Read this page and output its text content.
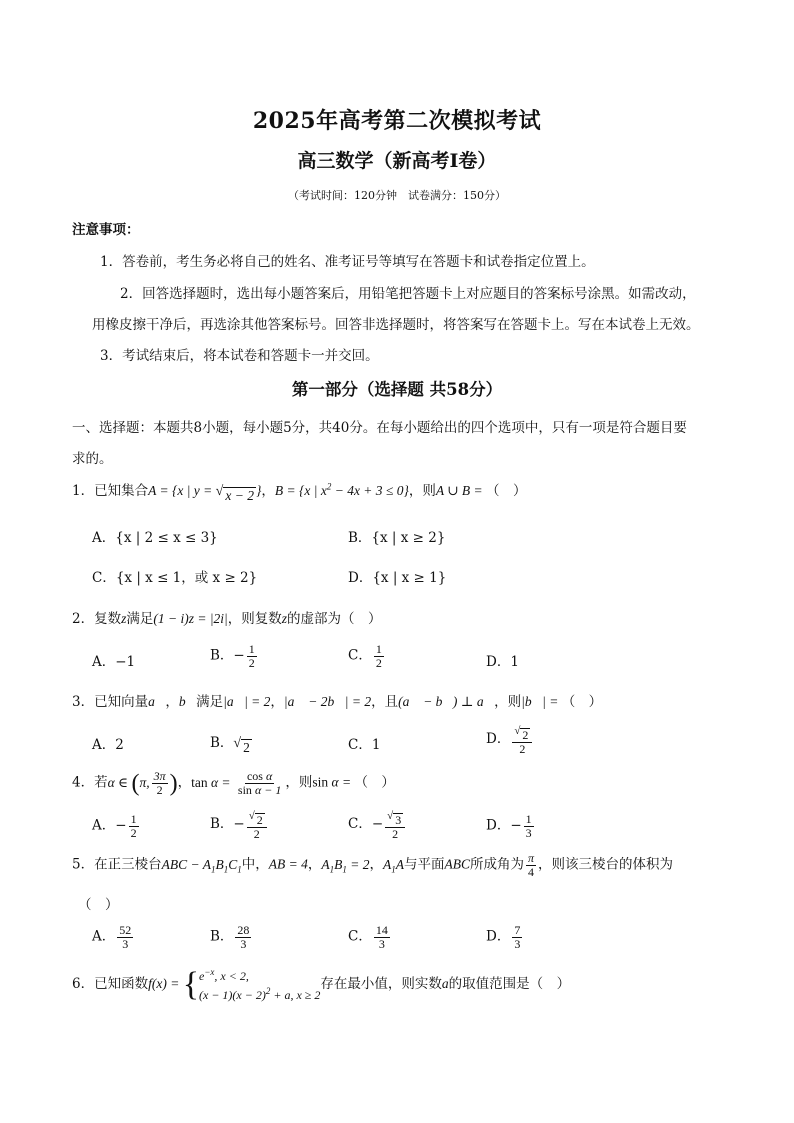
2025年高考第二次模拟考试
高三数学（新高考Ⅰ卷）
（考试时间：120分钟　试卷满分：150分）
注意事项：
1．答卷前，考生务必将自己的姓名、准考证号等填写在答题卡和试卷指定位置上。
2．回答选择题时，选出每小题答案后，用铅笔把答题卡上对应题目的答案标号涂黑。如需改动，
用橡皮擦干净后，再选涂其他答案标号。回答非选择题时，将答案写在答题卡上。写在本试卷上无效。
3．考试结束后，将本试卷和答题卡一并交回。
第一部分（选择题 共58分）
一、选择题：本题共8小题，每小题5分，共40分。在每小题给出的四个选项中，只有一项是符合题目要
求的。
1．已知集合A = {x | y = √ x − 2 }，B = {x | $x^2 - 4x + 3 \le 0$}，则A ∪ B = （　）
A．{x | 2 ≤ x ≤ 3}	B．{x | x ≥ 2}
C．{x | x ≤ 1，或 x ≥ 2}	D．{x | x ≥ 1}
2．复数z满足(1 − i)z = |2i|，则复数z的虚部为（　）
A．−1	B．− $\frac{1}{2}$	C． $\frac{1}{2}$	D．1
3．已知向量a⃗，b⃗满足|a⃗| = 2，|a⃗ − 2b⃗| = 2，且(a⃗ − b⃗) ⊥ a⃗，则|b⃗| = （　）
A．2	B． √ 2	C．1	D． $\frac{√ 2}{2}$
4．若α ∈ (π, $\frac{3\pi}{2}$ )，$\tan \alpha = \frac{\text{cos α}}{\text{sin α − 1}}$ ，则sin α = （　）
A．− $\frac{1}{2}$	B．− $\frac{√ 2}{2}$	C．− $\frac{√ 3}{2}$	D．− $\frac{1}{3}$
5．在正三棱台ABC − $A_1B_1C_1$中，AB = 4，$A_1B_1 = 2$，$A_1A$与平面ABC所成角为 $\frac{\pi}{4}$ ，则该三棱台的体积为
（　）
A． $\frac{52}{3}$	B． $\frac{28}{3}$	C． $\frac{14}{3}$	D． $\frac{7}{3}$
6．已知函数f(x) = { $e^{-x}$, x < 2,
$(x - 1)(x - 2)^2 + a$, x ≥ 2
存在最小值，则实数a的取值范围是（　）
